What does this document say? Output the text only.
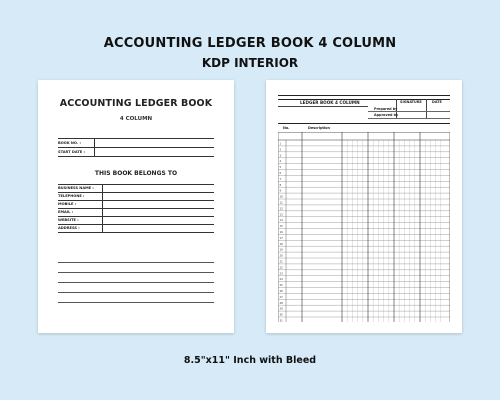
ACCOUNTING LEDGER BOOK 4 COLUMN
KDP INTERIOR
ACCOUNTING LEDGER BOOK
4 COLUMN
BOOK NO. :
START DATE :
THIS BOOK BELONGS TO
BUSINESS NAME :
TELEPHONE :
MOBILE :
EMAIL :
WEBSITE :
ADDRESS :
LEDGER BOOK 4 COLUMN	SIGNATURE	DATE
Prepared by
Approved by
No.	Description
1
2
3
4
5
6
7
8
9
10
11
12
13
14
15
16
17
18
19
20
21
22
23
24
25
26
27
28
29
30
31
8.5"x11" Inch with Bleed
